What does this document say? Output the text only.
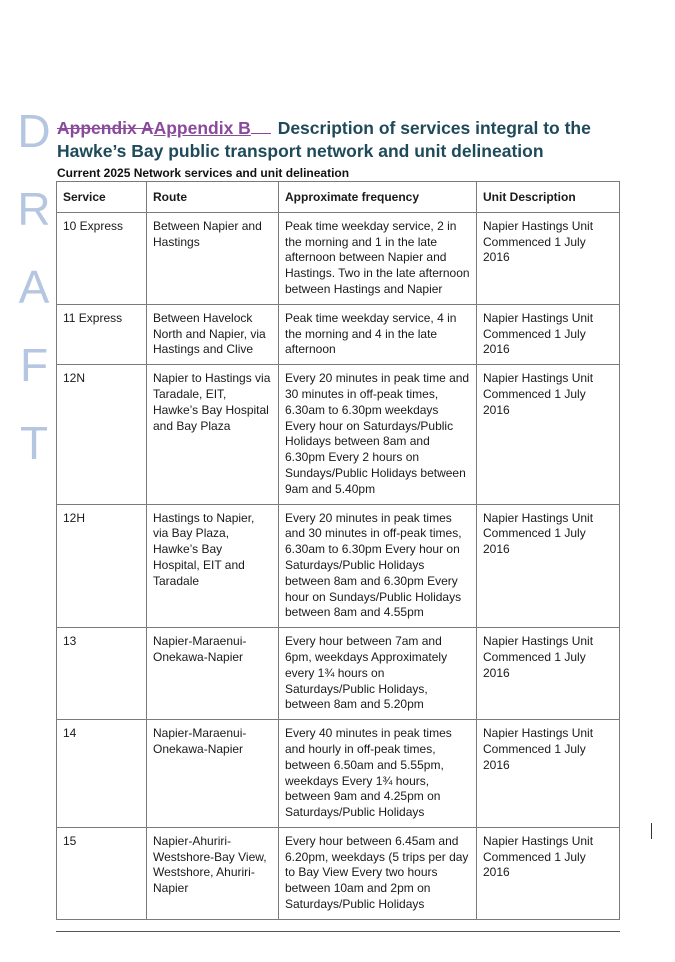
D
R
A
F
T
Appendix AAppendix B Description of services integral to the Hawke’s Bay public transport network and unit delineation
Current 2025 Network services and unit delineation
Service	Route	Approximate frequency	Unit Description
10 Express	Between Napier and Hastings	Peak time weekday service, 2 in the morning and 1 in the late afternoon between Napier and Hastings. Two in the late afternoon between Hastings and Napier	Napier Hastings Unit
Commenced 1 July 2016

11 Express	Between Havelock North and Napier, via Hastings and Clive	Peak time weekday service, 4 in the morning and 4 in the late afternoon	Napier Hastings Unit
Commenced 1 July 2016

12N	Napier to Hastings via Taradale, EIT, Hawke’s Bay Hospital and Bay Plaza	Every 20 minutes in peak time and 30 minutes in off-peak times, 6.30am to 6.30pm weekdays Every hour on Saturdays/Public Holidays between 8am and 6.30pm Every 2 hours on Sundays/Public Holidays between 9am and 5.40pm	Napier Hastings Unit
Commenced 1 July 2016

12H	Hastings to Napier, via Bay Plaza, Hawke’s Bay Hospital, EIT and Taradale	Every 20 minutes in peak times and 30 minutes in off-peak times, 6.30am to 6.30pm Every hour on Saturdays/Public Holidays between 8am and 6.30pm Every hour on Sundays/Public Holidays between 8am and 4.55pm	Napier Hastings Unit
Commenced 1 July 2016

13	Napier-Maraenui-Onekawa-Napier	Every hour between 7am and 6pm, weekdays Approximately every 1¾ hours on Saturdays/Public Holidays, between 8am and 5.20pm	Napier Hastings Unit
Commenced 1 July 2016

14	Napier-Maraenui-Onekawa-Napier	Every 40 minutes in peak times and hourly in off-peak times, between 6.50am and 5.55pm, weekdays Every 1¾ hours, between 9am and 4.25pm on Saturdays/Public Holidays	Napier Hastings Unit
Commenced 1 July 2016

15	Napier-Ahuriri-Westshore-Bay View, Westshore, Ahuriri-Napier	Every hour between 6.45am and 6.20pm, weekdays (5 trips per day to Bay View Every two hours between 10am and 2pm on Saturdays/Public Holidays	Napier Hastings Unit
Commenced 1 July 2016
